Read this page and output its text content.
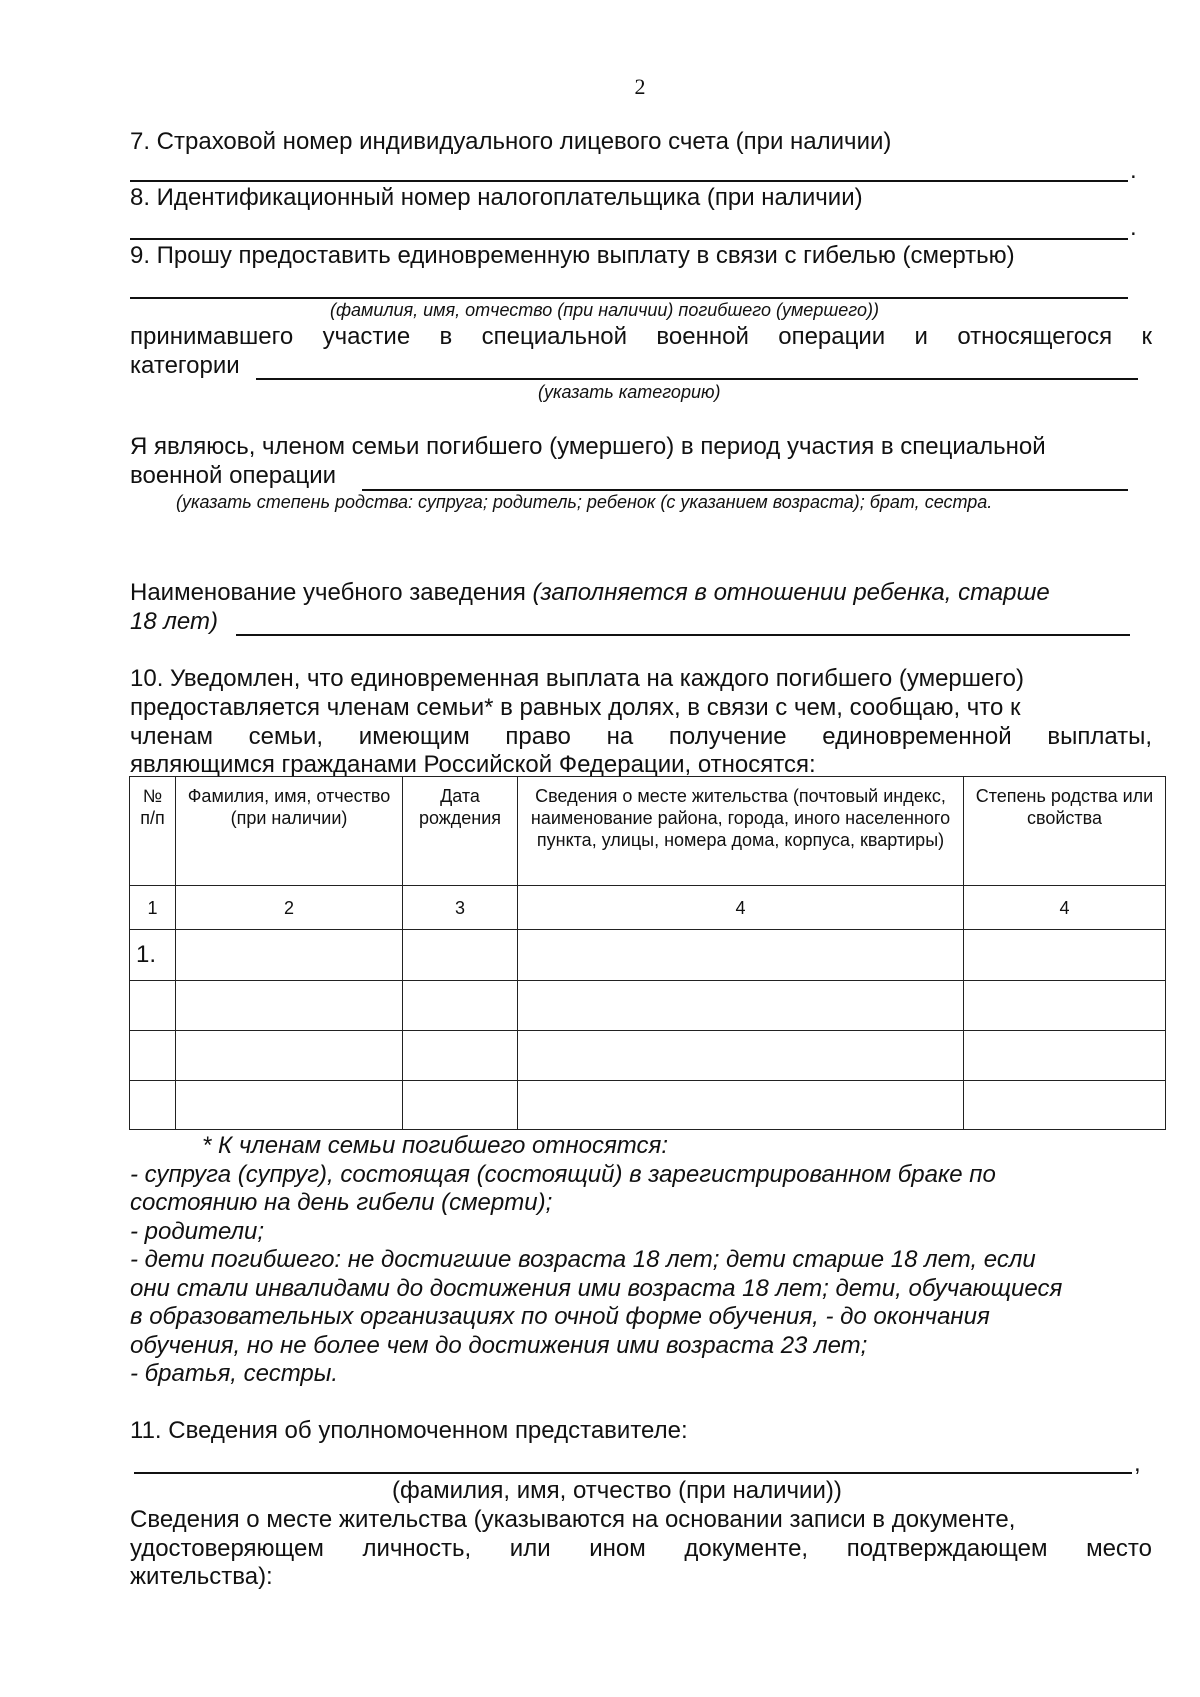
2
7. Страховой номер индивидуального лицевого счета (при наличии)
.
8. Идентификационный номер налогоплательщика (при наличии)
.
9. Прошу предоставить единовременную выплату в связи с гибелью (смертью)
(фамилия, имя, отчество (при наличии) погибшего (умершего))
принимавшего участие в специальной военной операции и относящегося к
категории
(указать категорию)
Я являюсь, членом семьи погибшего (умершего) в период участия в специальной
военной операции
(указать степень родства: супруга; родитель; ребенок (с указанием возраста); брат, сестра.
Наименование учебного заведения (заполняется в отношении ребенка, старше
18 лет)
10. Уведомлен, что единовременная выплата на каждого погибшего (умершего)
предоставляется членам семьи* в равных долях, в связи с чем, сообщаю, что к
членам семьи, имеющим право на получение единовременной выплаты,
являющимся гражданами Российской Федерации, относятся:
№ п/п	Фамилия, имя, отчество (при наличии)	Дата рождения	Сведения о месте жительства (почтовый индекс, наименование района, города, иного населенного пункта, улицы, номера дома, корпуса, квартиры)	Степень родства или свойства
1	2	3	4	4
1.				

* К членам семьи погибшего относятся:
- супруга (супруг), состоящая (состоящий) в зарегистрированном браке по
состоянию на день гибели (смерти);
- родители;
- дети погибшего: не достигшие возраста 18 лет; дети старше 18 лет, если
они стали инвалидами до достижения ими возраста 18 лет; дети, обучающиеся
в образовательных организациях по очной форме обучения, - до окончания
обучения, но не более чем до достижения ими возраста 23 лет;
- братья, сестры.
11. Сведения об уполномоченном представителе:
,
(фамилия, имя, отчество (при наличии))
Сведения о месте жительства (указываются на основании записи в документе,
удостоверяющем личность, или ином документе, подтверждающем место
жительства):
